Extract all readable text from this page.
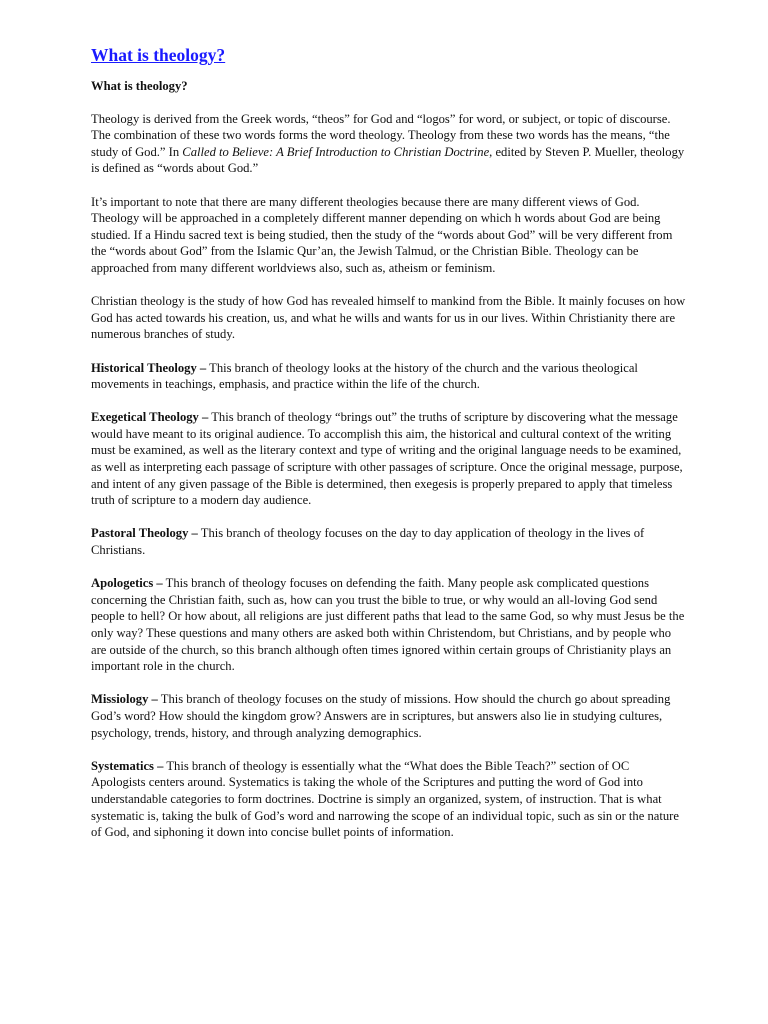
What is theology?
What is theology?

Theology is derived from the Greek words, “theos” for God and “logos” for word, or subject, or topic of discourse. The combination of these two words forms the word theology. Theology from these two words has the means, “the study of God.” In Called to Believe: A Brief Introduction to Christian Doctrine, edited by Steven P. Mueller, theology is defined as “words about God.”

It’s important to note that there are many different theologies because there are many different views of God. Theology will be approached in a completely different manner depending on which h words about God are being studied. If a Hindu sacred text is being studied, then the study of the “words about God” will be very different from the “words about God” from the Islamic Qur’an, the Jewish Talmud, or the Christian Bible. Theology can be approached from many different worldviews also, such as, atheism or feminism.

Christian theology is the study of how God has revealed himself to mankind from the Bible. It mainly focuses on how God has acted towards his creation, us, and what he wills and wants for us in our lives. Within Christianity there are numerous branches of study.

Historical Theology – This branch of theology looks at the history of the church and the various theological movements in teachings, emphasis, and practice within the life of the church.

Exegetical Theology – This branch of theology “brings out” the truths of scripture by discovering what the message would have meant to its original audience. To accomplish this aim, the historical and cultural context of the writing must be examined, as well as the literary context and type of writing and the original language needs to be examined, as well as interpreting each passage of scripture with other passages of scripture. Once the original message, purpose, and intent of any given passage of the Bible is determined, then exegesis is properly prepared to apply that timeless truth of scripture to a modern day audience.

Pastoral Theology – This branch of theology focuses on the day to day application of theology in the lives of Christians.

Apologetics – This branch of theology focuses on defending the faith. Many people ask complicated questions concerning the Christian faith, such as, how can you trust the bible to true, or why would an all-loving God send people to hell? Or how about, all religions are just different paths that lead to the same God, so why must Jesus be the only way? These questions and many others are asked both within Christendom, but Christians, and by people who are outside of the church, so this branch although often times ignored within certain groups of Christianity plays an important role in the church.

Missiology – This branch of theology focuses on the study of missions. How should the church go about spreading God’s word? How should the kingdom grow? Answers are in scriptures, but answers also lie in studying cultures, psychology, trends, history, and through analyzing demographics.

Systematics – This branch of theology is essentially what the “What does the Bible Teach?” section of OC Apologists centers around. Systematics is taking the whole of the Scriptures and putting the word of God into understandable categories to form doctrines. Doctrine is simply an organized, system, of instruction. That is what systematic is, taking the bulk of God’s word and narrowing the scope of an individual topic, such as sin or the nature of God, and siphoning it down into concise bullet points of information.
